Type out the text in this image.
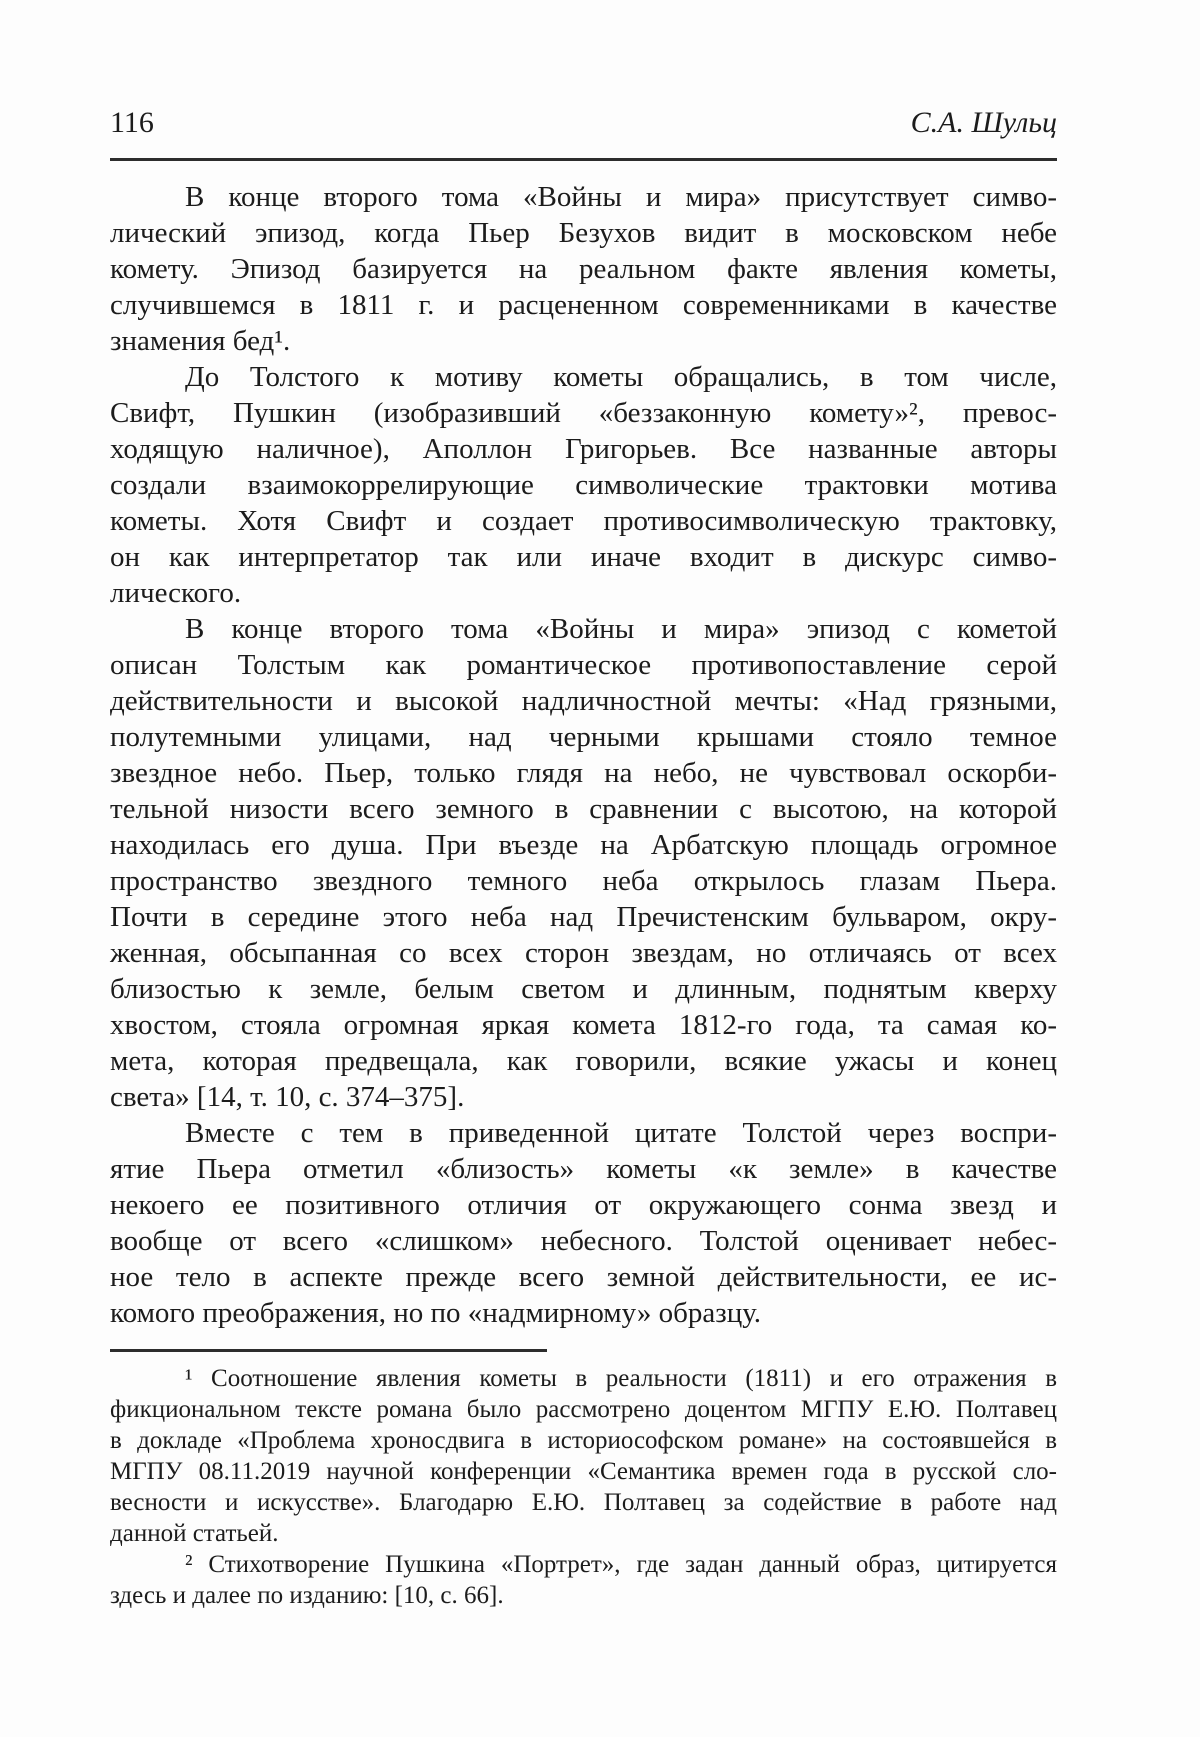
116	С.А. Шульц
В конце второго тома «Войны и мира» присутствует симво-
лический эпизод, когда Пьер Безухов видит в московском небе
комету. Эпизод базируется на реальном факте явления кометы,
случившемся в 1811 г. и расцененном современниками в качестве
знамения бед¹.
До Толстого к мотиву кометы обращались, в том числе,
Свифт, Пушкин (изобразивший «беззаконную комету»², превос-
ходящую наличное), Аполлон Григорьев. Все названные авторы
создали взаимокоррелирующие символические трактовки мотива
кометы. Хотя Свифт и создает противосимволическую трактовку,
он как интерпретатор так или иначе входит в дискурс симво-
лического.
В конце второго тома «Войны и мира» эпизод с кометой
описан Толстым как романтическое противопоставление серой
действительности и высокой надличностной мечты: «Над грязными,
полутемными улицами, над черными крышами стояло темное
звездное небо. Пьер, только глядя на небо, не чувствовал оскорби-
тельной низости всего земного в сравнении с высотою, на которой
находилась его душа. При въезде на Арбатскую площадь огромное
пространство звездного темного неба открылось глазам Пьера.
Почти в середине этого неба над Пречистенским бульваром, окру-
женная, обсыпанная со всех сторон звездам, но отличаясь от всех
близостью к земле, белым светом и длинным, поднятым кверху
хвостом, стояла огромная яркая комета 1812-го года, та самая ко-
мета, которая предвещала, как говорили, всякие ужасы и конец
света» [14, т. 10, с. 374–375].
Вместе с тем в приведенной цитате Толстой через воспри-
ятие Пьера отметил «близость» кометы «к земле» в качестве
некоего ее позитивного отличия от окружающего сонма звезд и
вообще от всего «слишком» небесного. Толстой оценивает небес-
ное тело в аспекте прежде всего земной действительности, ее ис-
комого преображения, но по «надмирному» образцу.
¹ Соотношение явления кометы в реальности (1811) и его отражения в
фикциональном тексте романа было рассмотрено доцентом МГПУ Е.Ю. Полтавец
в докладе «Проблема хроносдвига в историософском романе» на состоявшейся в
МГПУ 08.11.2019 научной конференции «Семантика времен года в русской сло-
весности и искусстве». Благодарю Е.Ю. Полтавец за содействие в работе над
данной статьей.
² Стихотворение Пушкина «Портрет», где задан данный образ, цитируется
здесь и далее по изданию: [10, с. 66].
